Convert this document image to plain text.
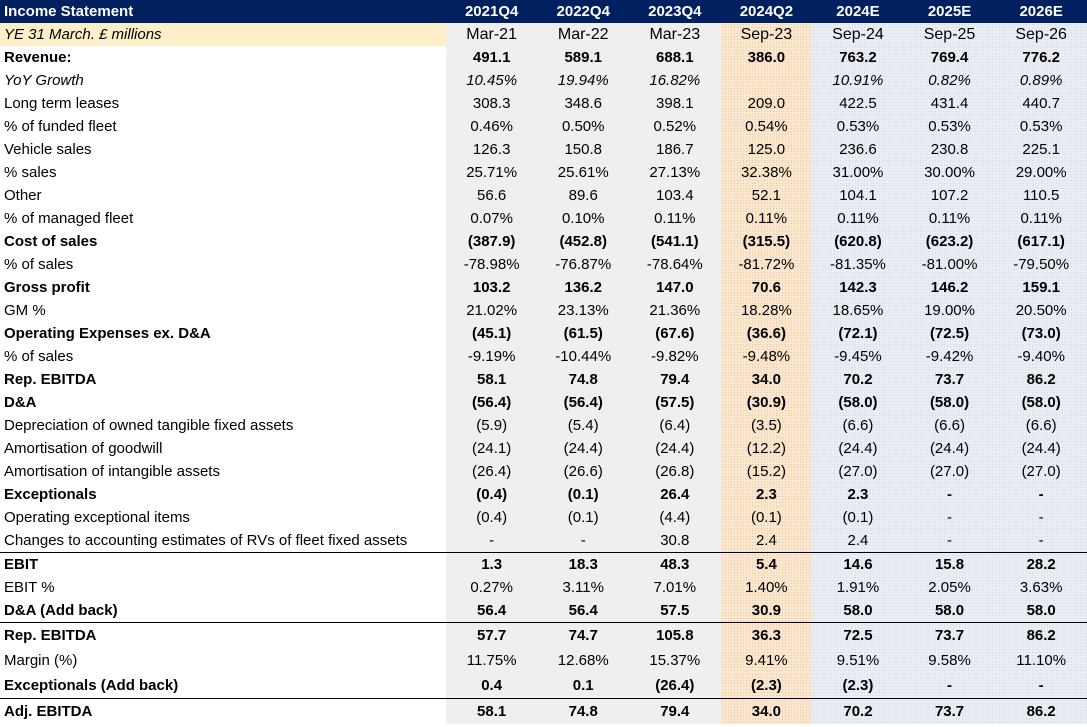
Income Statement	2021Q4	2022Q4	2023Q4	2024Q2	2024E	2025E	2026E
YE 31 March. £ millions	Mar-21	Mar-22	Mar-23	Sep-23	Sep-24	Sep-25	Sep-26
Revenue:	491.1	589.1	688.1	386.0	763.2	769.4	776.2
YoY Growth	10.45%	19.94%	16.82%		10.91%	0.82%	0.89%
Long term leases	308.3	348.6	398.1	209.0	422.5	431.4	440.7
% of funded fleet	0.46%	0.50%	0.52%	0.54%	0.53%	0.53%	0.53%
Vehicle sales	126.3	150.8	186.7	125.0	236.6	230.8	225.1
% sales	25.71%	25.61%	27.13%	32.38%	31.00%	30.00%	29.00%
Other	56.6	89.6	103.4	52.1	104.1	107.2	110.5
% of managed fleet	0.07%	0.10%	0.11%	0.11%	0.11%	0.11%	0.11%
Cost of sales	(387.9)	(452.8)	(541.1)	(315.5)	(620.8)	(623.2)	(617.1)
% of sales	-78.98%	-76.87%	-78.64%	-81.72%	-81.35%	-81.00%	-79.50%
Gross profit	103.2	136.2	147.0	70.6	142.3	146.2	159.1
GM %	21.02%	23.13%	21.36%	18.28%	18.65%	19.00%	20.50%
Operating Expenses ex. D&A	(45.1)	(61.5)	(67.6)	(36.6)	(72.1)	(72.5)	(73.0)
% of sales	-9.19%	-10.44%	-9.82%	-9.48%	-9.45%	-9.42%	-9.40%
Rep. EBITDA	58.1	74.8	79.4	34.0	70.2	73.7	86.2
D&A	(56.4)	(56.4)	(57.5)	(30.9)	(58.0)	(58.0)	(58.0)
Depreciation of owned tangible fixed assets	(5.9)	(5.4)	(6.4)	(3.5)	(6.6)	(6.6)	(6.6)
Amortisation of goodwill	(24.1)	(24.4)	(24.4)	(12.2)	(24.4)	(24.4)	(24.4)
Amortisation of intangible assets	(26.4)	(26.6)	(26.8)	(15.2)	(27.0)	(27.0)	(27.0)
Exceptionals	(0.4)	(0.1)	26.4	2.3	2.3	-	-
Operating exceptional items	(0.4)	(0.1)	(4.4)	(0.1)	(0.1)	-	-
Changes to accounting estimates of RVs of fleet fixed assets	-	-	30.8	2.4	2.4	-	-
EBIT	1.3	18.3	48.3	5.4	14.6	15.8	28.2
EBIT %	0.27%	3.11%	7.01%	1.40%	1.91%	2.05%	3.63%
D&A (Add back)	56.4	56.4	57.5	30.9	58.0	58.0	58.0
Rep. EBITDA	57.7	74.7	105.8	36.3	72.5	73.7	86.2
Margin (%)	11.75%	12.68%	15.37%	9.41%	9.51%	9.58%	11.10%
Exceptionals (Add back)	0.4	0.1	(26.4)	(2.3)	(2.3)	-	-
Adj. EBITDA	58.1	74.8	79.4	34.0	70.2	73.7	86.2
